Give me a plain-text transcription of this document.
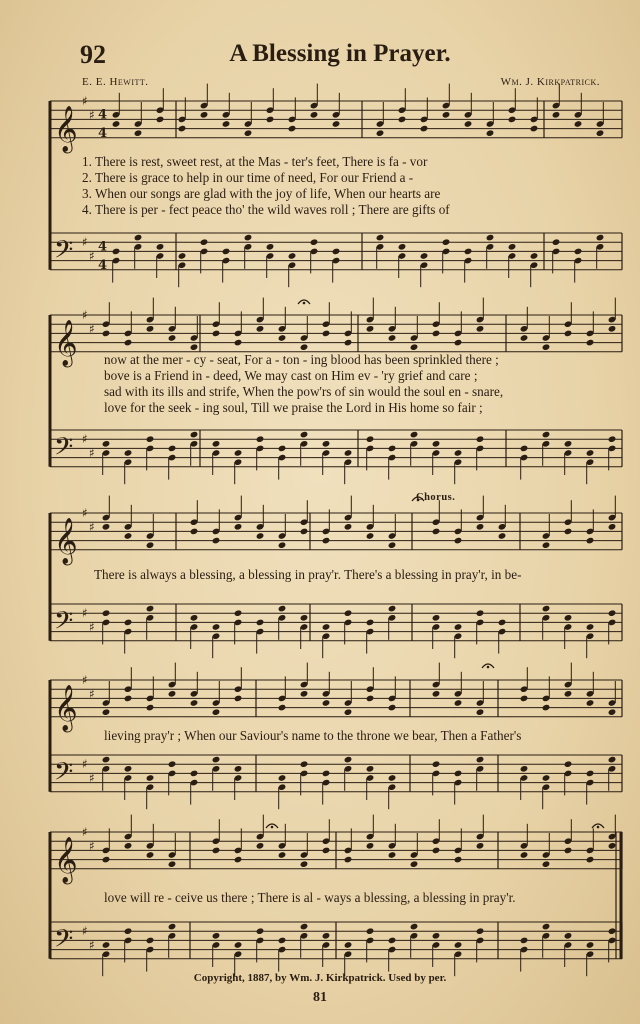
92	A Blessing in Prayer.
E. E. Hewitt.	Wm. J. Kirkpatrick.
𝄞
𝄢
♯
♯
♯
♯
4
4
4
4
𝄞
𝄢
♯
♯
♯
♯
𝄞
𝄢
♯
♯
♯
♯
𝄞
𝄢
♯
♯
♯
♯
𝄞
𝄢
♯
♯
♯
♯
1. There is rest, sweet rest, at the Mas - ter's feet, There is fa - vor
2. There is grace to help in our time of need, For our Friend a -
3. When our songs are glad with the joy of life, When our hearts are
4. There is per - fect peace tho' the wild waves roll ; There are gifts of
now at the mer - cy - seat, For a - ton - ing blood has been sprinkled there ;
bove is a Friend in - deed, We may cast on Him ev - 'ry grief and care ;
sad with its ills and strife, When the pow'rs of sin would the soul en - snare,
love for the seek - ing soul, Till we praise the Lord in His home so fair ;
Chorus.
There is always a blessing, a blessing in pray'r. There's a blessing in pray'r, in be-
lieving pray'r ; When our Saviour's name to the throne we bear, Then a Father's
love will re - ceive us there ; There is al - ways a blessing, a blessing in pray'r.
Copyright, 1887, by Wm. J. Kirkpatrick. Used by per.
81
